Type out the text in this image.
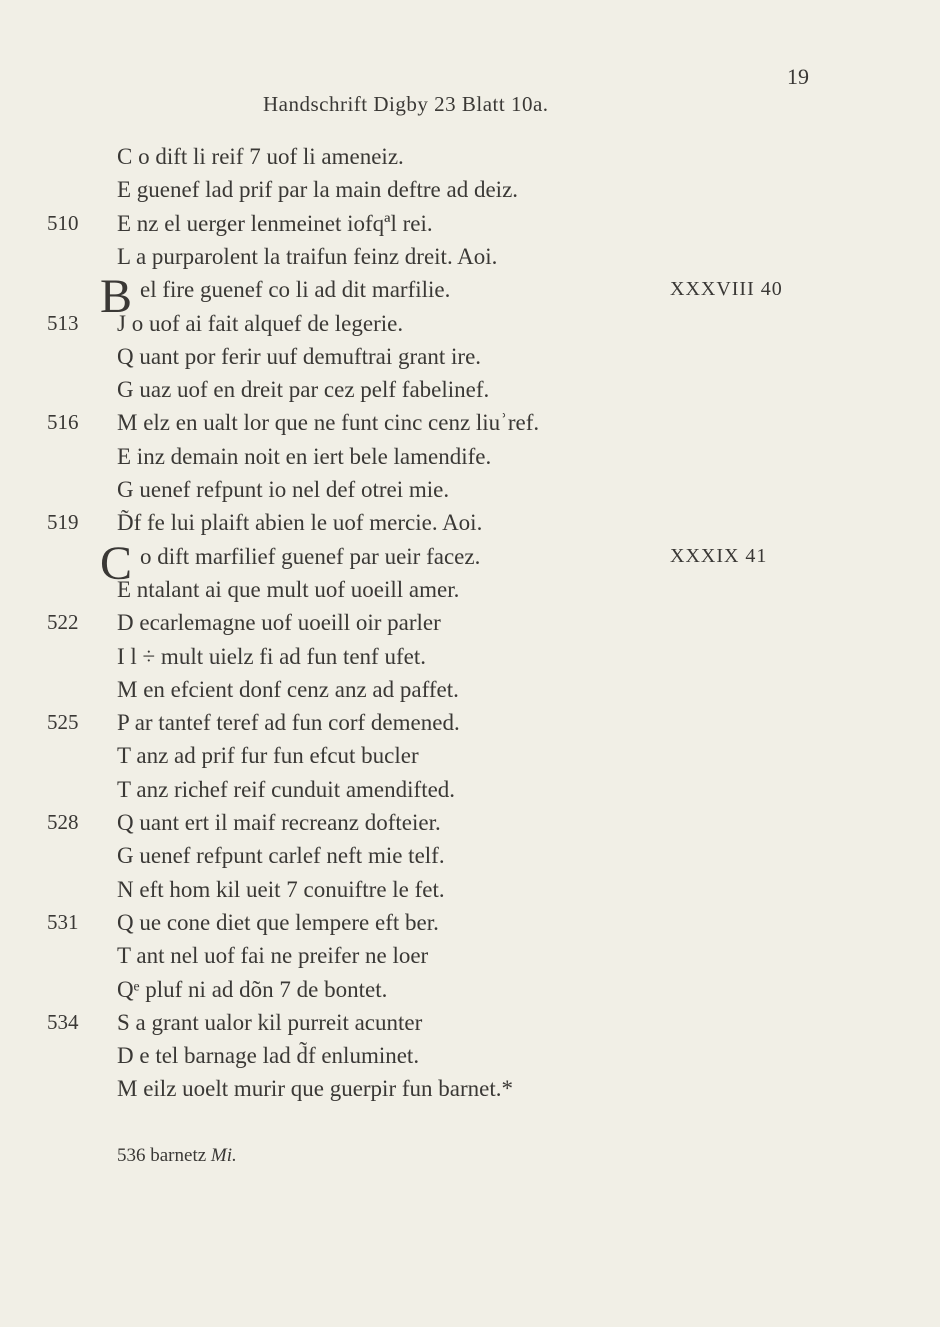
19
Handschrift Digby 23 Blatt 10a.
C o dift li reif 7 uof li ameneiz.
E guenef lad prif par la main deftre ad deiz.
510 E nz el uerger lenmeinet iofqªl rei.
L a purparolent la traifun feinz dreit. Aoi.
B el fire guenef co li ad dit marfilie.	XXXVIII 40
513 J o uof ai fait alquef de legerie.
Q uant por ferir uuf demuftrai grant ire.
G uaz uof en dreit par cez pelf fabelinef.
516 M elz en ualt lor que ne funt cinc cenz liuʾref.
E inz demain noit en iert bele lamendife.
G uenef refpunt io nel def otrei mie.
519 D̃f fe lui plaift abien le uof mercie. Aoi.
C o dift marfiliеf guenef par ueir facez.	XXXIX 41
E ntalant ai que mult uof uoeill amer.
522 D ecarlemagne uof uoeill oir parler
I l ÷ mult uielz fi ad fun tenf ufet.
M en efcient donf cenz anz ad paffet.
525 P ar tantef teref ad fun corf demened.
T anz ad prif fur fun efcut bucler
T anz richef reif cunduit amendifted.
528 Q uant ert il maif recreanz dofteier.
G uenef refpunt carlef neft mie telf.
N eft hom kil ueit 7 conuiftre le fet.
531 Q ue cone diet que lempere eft ber.
T ant nel uof fai ne preifer ne loer
Qᵉ pluf ni ad dõn 7 de bontet.
534 S a grant ualor kil purreit acunter
D e tel barnage lad d̃f enluminet.
M eilz uoelt murir que guerpir fun barnet.*
536 barnetz Mi.
